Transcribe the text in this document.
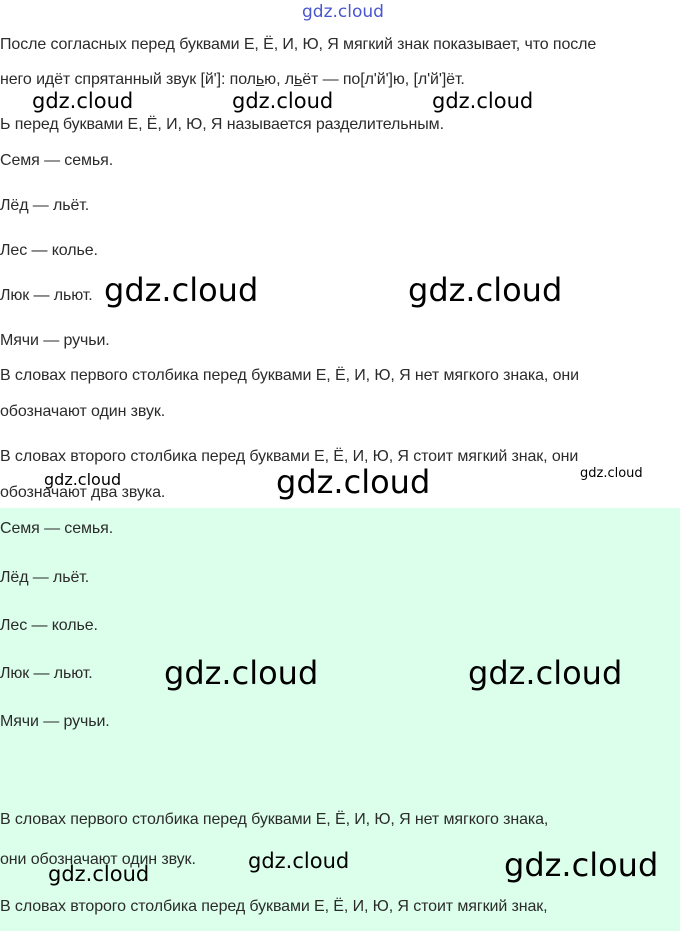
gdz.cloud
После согласных перед буквами Е, Ё, И, Ю, Я мягкий знак показывает, что после
него идёт спрятанный звук [й']: полью, льёт — по[л'й']ю, [л'й']ёт.
Ь перед буквами Е, Ё, И, Ю, Я называется разделительным.
Семя — семья.
Лёд — льёт.
Лес — колье.
Люк — льют.
Мячи — ручьи.
В словах первого столбика перед буквами Е, Ё, И, Ю, Я нет мягкого знака, они
обозначают один звук.
В словах второго столбика перед буквами Е, Ё, И, Ю, Я стоит мягкий знак, они
обозначают два звука.
Семя — семья.
Лёд — льёт.
Лес — колье.
Люк — льют.
Мячи — ручьи.
В словах первого столбика перед буквами Е, Ё, И, Ю, Я нет мягкого знака,
они обозначают один звук.
В словах второго столбика перед буквами Е, Ё, И, Ю, Я стоит мягкий знак,
gdz.cloud	gdz.cloud	gdz.cloud
gdz.cloud	gdz.cloud
gdz.cloud	gdz.cloud	gdz.cloud
gdz.cloud	gdz.cloud
gdz.cloud	gdz.cloud
gdz.cloud
